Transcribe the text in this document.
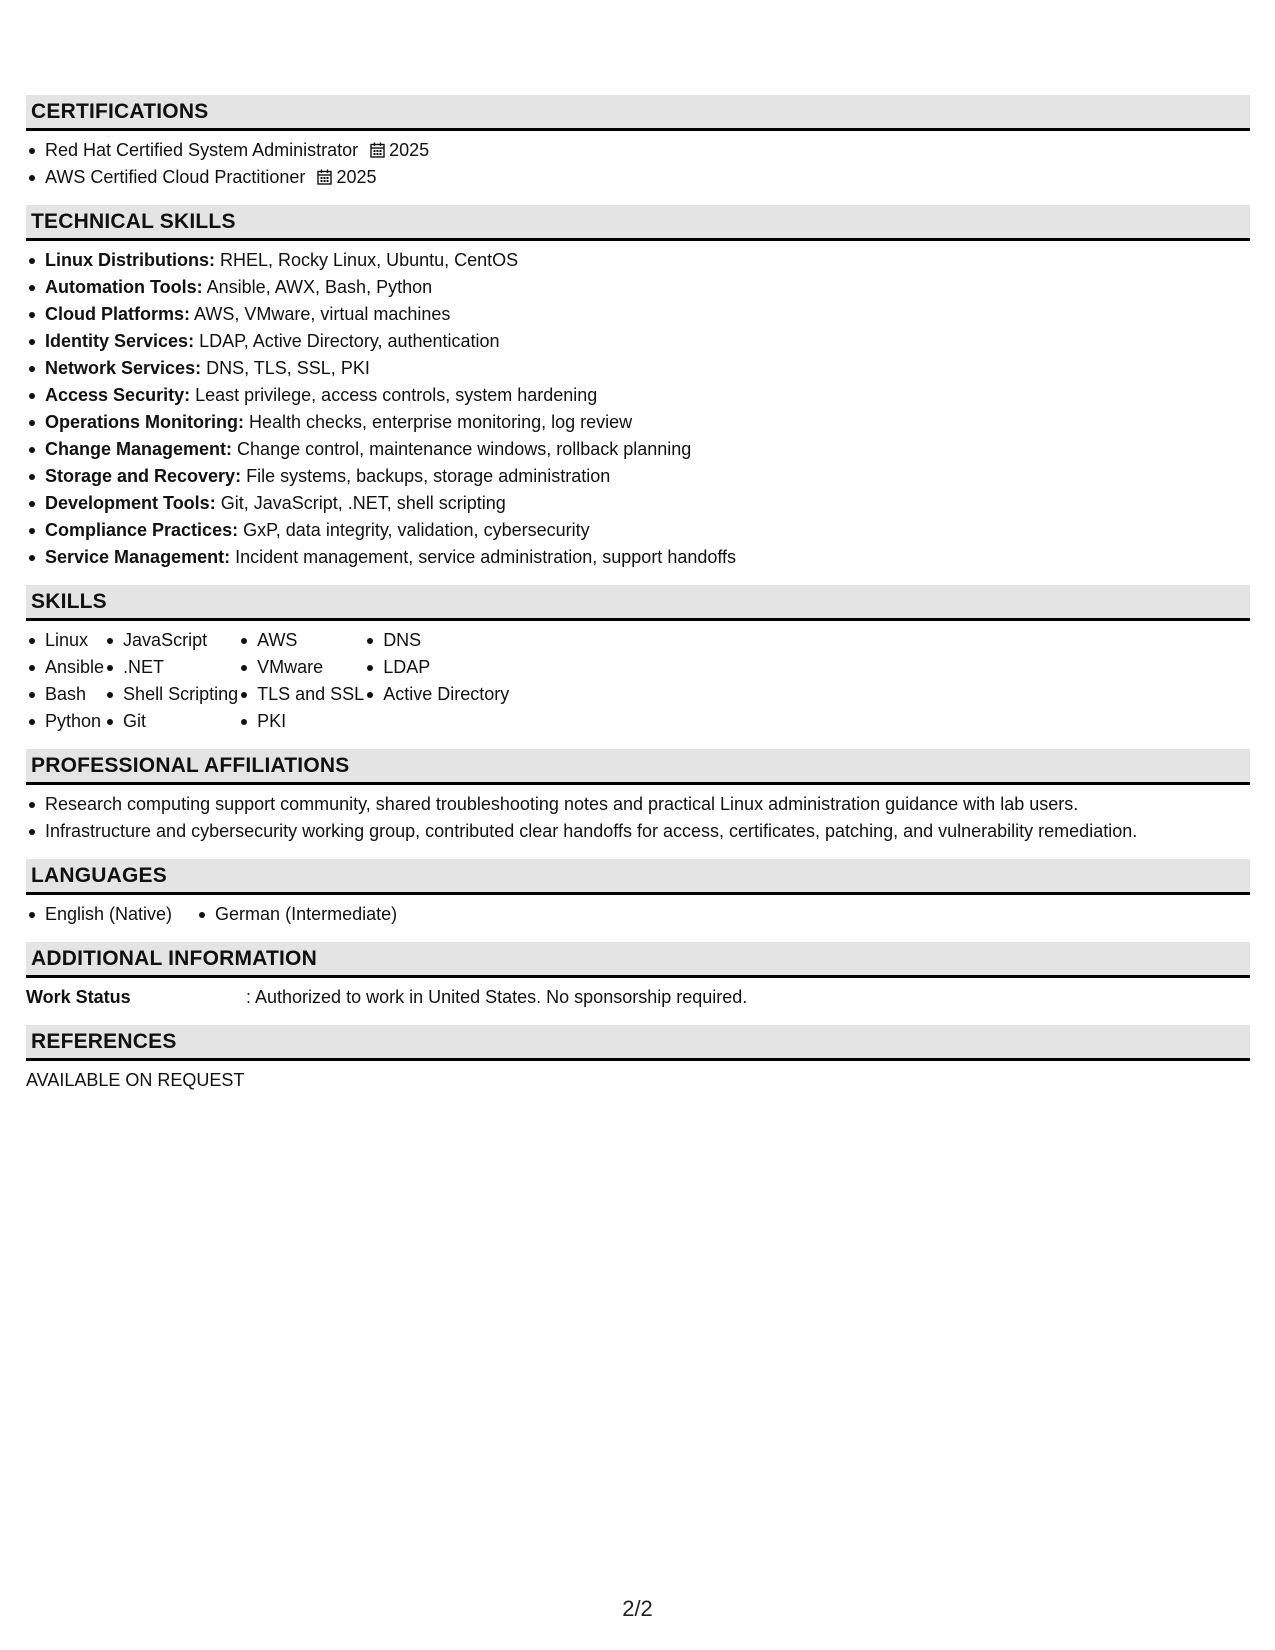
CERTIFICATIONS
Red Hat Certified System Administrator 2025
AWS Certified Cloud Practitioner 2025
TECHNICAL SKILLS
Linux Distributions: RHEL, Rocky Linux, Ubuntu, CentOS
Automation Tools: Ansible, AWX, Bash, Python
Cloud Platforms: AWS, VMware, virtual machines
Identity Services: LDAP, Active Directory, authentication
Network Services: DNS, TLS, SSL, PKI
Access Security: Least privilege, access controls, system hardening
Operations Monitoring: Health checks, enterprise monitoring, log review
Change Management: Change control, maintenance windows, rollback planning
Storage and Recovery: File systems, backups, storage administration
Development Tools: Git, JavaScript, .NET, shell scripting
Compliance Practices: GxP, data integrity, validation, cybersecurity
Service Management: Incident management, service administration, support handoffs
SKILLS
Linux
Ansible
Bash
Python
JavaScript
.NET
Shell Scripting
Git
AWS
VMware
TLS and SSL
PKI
DNS
LDAP
Active Directory
PROFESSIONAL AFFILIATIONS
Research computing support community, shared troubleshooting notes and practical Linux administration guidance with lab users.
Infrastructure and cybersecurity working group, contributed clear handoffs for access, certificates, patching, and vulnerability remediation.
LANGUAGES
English (Native)	German (Intermediate)
ADDITIONAL INFORMATION
Work Status	: Authorized to work in United States. No sponsorship required.
REFERENCES
AVAILABLE ON REQUEST
2/2
